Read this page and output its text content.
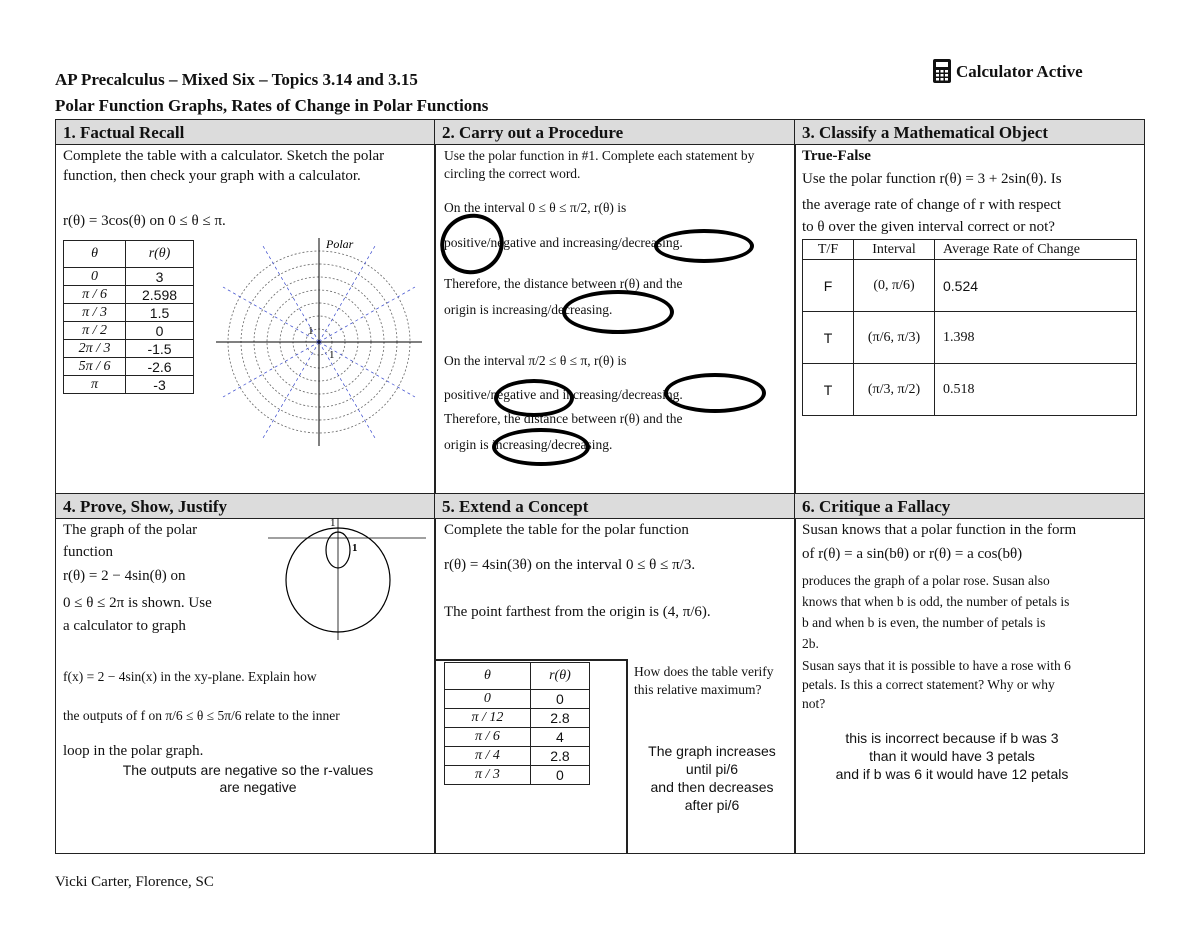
AP Precalculus – Mixed Six – Topics 3.14 and 3.15
Polar Function Graphs, Rates of Change in Polar Functions
Calculator Active
1. Factual Recall	2. Carry out a Procedure	3. Classify a Mathematical Object
4. Prove, Show, Justify	5. Extend a Concept	6. Critique a Fallacy
Complete the table with a calculator. Sketch the polar function, then check your graph with a calculator.
r(θ) = 3cos(θ) on 0 ≤ θ ≤ π.
θ	r(θ)
0	3
π / 6	2.598
π / 3	1.5
π / 2	0
2π / 3	-1.5
5π / 6	-2.6
π	-3
Polar
1
1
Use the polar function in #1. Complete each statement by circling the correct word.
On the interval 0 ≤ θ ≤ π/2, r(θ) is
positive/negative and increasing/decreasing.
Therefore, the distance between r(θ) and the
origin is increasing/decreasing.
On the interval π/2 ≤ θ ≤ π, r(θ) is
positive/negative and increasing/decreasing.
Therefore, the distance between r(θ) and the
origin is increasing/decreasing.
True-False
Use the polar function r(θ) = 3 + 2sin(θ). Is
the average rate of change of r with respect
to θ over the given interval correct or not?
T/F	Interval	Average Rate of Change
F	(0, π/6)	0.524
T	(π/6, π/3)	1.398
T	(π/3, π/2)	0.518
The graph of the polar
function
r(θ) = 2 − 4sin(θ) on
0 ≤ θ ≤ 2π is shown. Use
a calculator to graph
f(x) = 2 − 4sin(x) in the xy-plane. Explain how
the outputs of f on π/6 ≤ θ ≤ 5π/6 relate to the inner
loop in the polar graph.
The outputs are negative so the r-values
are negative
1
1
Complete the table for the polar function
r(θ) = 4sin(3θ) on the interval 0 ≤ θ ≤ π/3.
The point farthest from the origin is (4, π/6).
θ	r(θ)
0	0
π / 12	2.8
π / 6	4
π / 4	2.8
π / 3	0
How does the table verify this relative maximum?
The graph increases
until pi/6
and then decreases
after pi/6
Susan knows that a polar function in the form
of r(θ) = a sin(bθ) or r(θ) = a cos(bθ)
produces the graph of a polar rose. Susan also
knows that when b is odd, the number of petals is
b and when b is even, the number of petals is
2b.
Susan says that it is possible to have a rose with 6
petals. Is this a correct statement? Why or why
not?
this is incorrect because if b was 3
than it would have 3 petals
and if b was 6 it would have 12 petals
Vicki Carter, Florence, SC
